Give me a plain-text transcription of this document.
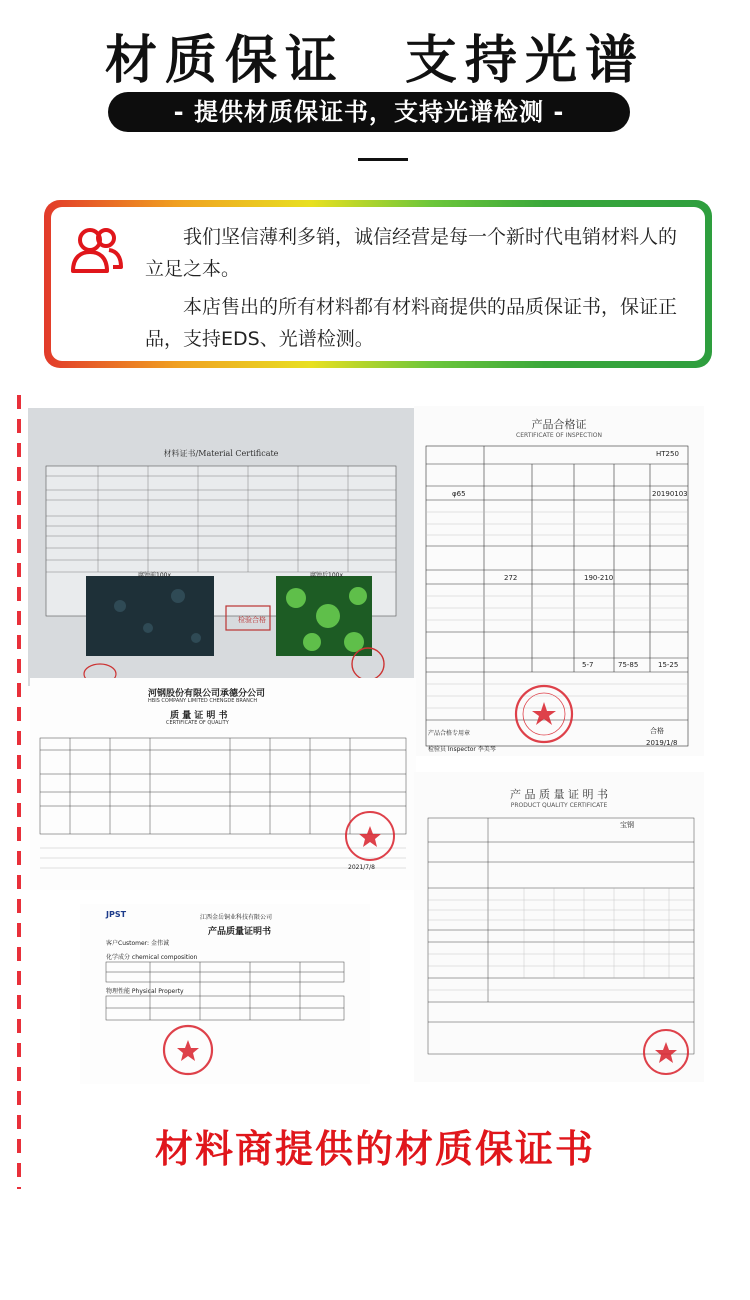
材质保证　支持光谱
- 提供材质保证书，支持光谱检测 -

我们坚信薄利多销，诚信经营是每一个新时代电销材料人的立足之本。

本店售出的所有材料都有材料商提供的品质保证书，保证正品，支持EDS、光谱检测。

材料证书/Material Certificate
腐蚀前100x	腐蚀后100x
检验合格
产品合格证
CERTIFICATE OF INSPECTION
HT250
φ65	20190103
272	190-210
5-7	75-85	15-25
合格
2019/1/8
检验员 Inspector 李美琴
产品合格专用章
河钢股份有限公司承德分公司
HBIS COMPANY LIMITED CHENGDE BRANCH
质 量 证 明 书
CERTIFICATE OF QUALITY
2021/7/8
JPST	江西金岳铜业科技有限公司
产品质量证明书
客户Customer: 金伟诚
化学成分 chemical composition
物理性能 Physical Property
产 品 质 量 证 明 书
PRODUCT QUALITY CERTIFICATE
宝钢
材料商提供的材质保证书
